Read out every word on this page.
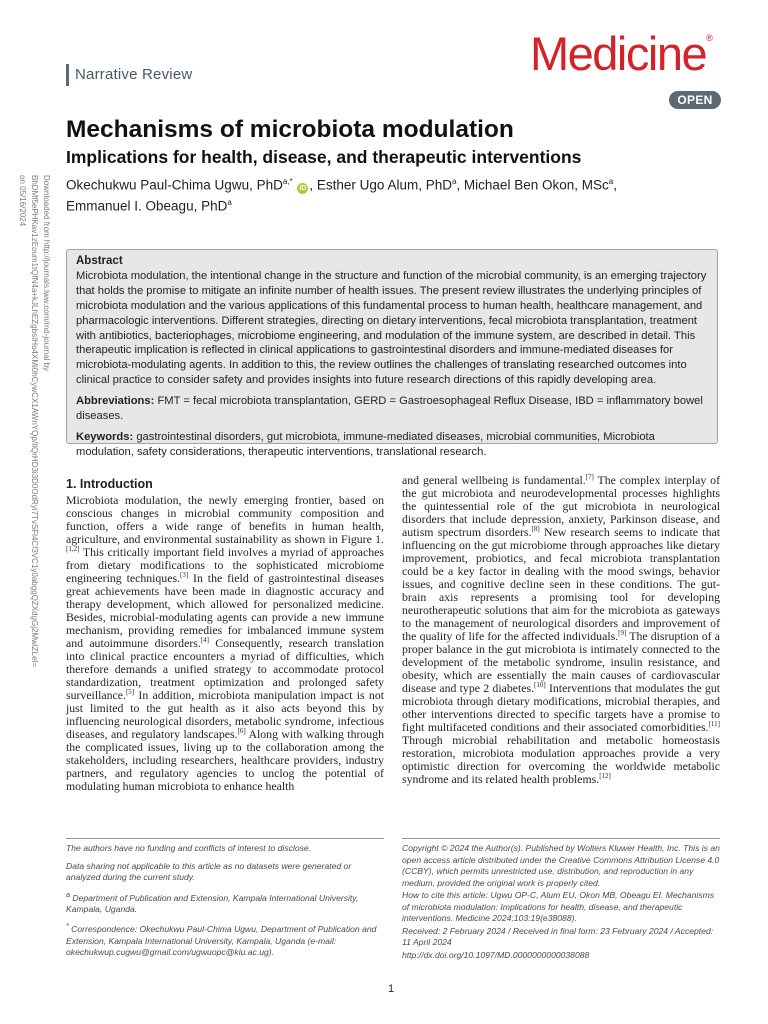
Narrative Review	Medicine®
OPEN
Mechanisms of microbiota modulation
Implications for health, disease, and therapeutic interventions
Okechukwu Paul-Chima Ugwu, PhD$^{a,*}$ iD , Esther Ugo Alum, PhD$^a$, Michael Ben Okon, MSc$^a$,
Emmanuel I. Obeagu, PhD$^a$
Downloaded from http://journals.lww.com/md-journal by BhDMf5ePHKav1zEoum1tQfN4a+kJLhEZgbsIHo4XMi0hCywCX1AWnYQp/IlQrHD3i3D0OdRyi7TvSFl4Cf3VC1y0abggQZXdgGj2MwlZLeI= on 05/16/2024

Abstract

Microbiota modulation, the intentional change in the structure and function of the microbial community, is an emerging trajectory that holds the promise to mitigate an infinite number of health issues. The present review illustrates the underlying principles of microbiota modulation and the various applications of this fundamental process to human health, healthcare management, and pharmacologic interventions. Different strategies, directing on dietary interventions, fecal microbiota transplantation, treatment with antibiotics, bacteriophages, microbiome engineering, and modulation of the immune system, are described in detail. This therapeutic implication is reflected in clinical applications to gastrointestinal disorders and immune-mediated diseases for microbiota-modulating agents. In addition to this, the review outlines the challenges of translating researched outcomes into clinical practice to consider safety and provides insights into future research directions of this rapidly developing area.

Abbreviations: FMT = fecal microbiota transplantation, GERD = Gastroesophageal Reflux Disease, IBD = inflammatory bowel diseases.

Keywords: gastrointestinal disorders, gut microbiota, immune-mediated diseases, microbial communities, Microbiota modulation, safety considerations, therapeutic interventions, translational research.

1. Introduction
Microbiota modulation, the newly emerging frontier, based on conscious changes in microbial community composition and function, offers a wide range of benefits in human health, agriculture, and environmental sustainability as shown in Figure 1.[1,2] This critically important field involves a myriad of approaches from dietary modifications to the sophisticated microbiome engineering techniques.[3] In the field of gastrointestinal diseases great achievements have been made in diagnostic accuracy and therapy development, which allowed for personalized medicine. Besides, microbial-modulating agents can provide a new immune mechanism, providing remedies for imbalanced immune system and autoimmune disorders.[4] Consequently, research translation into clinical practice encounters a myriad of difficulties, which therefore demands a unified strategy to accommodate protocol standardization, treatment optimization and prolonged safety surveillance.[5] In addition, microbiota manipulation impact is not just limited to the gut health as it also acts beyond this by influencing neurological disorders, metabolic syndrome, infectious diseases, and regulatory landscapes.[6] Along with walking through the complicated issues, living up to the collaboration among the stakeholders, including researchers, healthcare providers, industry partners, and regulatory agencies to unclog the potential of modulating human microbiota to enhance health
and general wellbeing is fundamental.[7] The complex interplay of the gut microbiota and neurodevelopmental processes highlights the quintessential role of the gut microbiota in neurological disorders that include depression, anxiety, Parkinson disease, and autism spectrum disorders.[8] New research seems to indicate that influencing on the gut microbiome through approaches like dietary improvement, probiotics, and fecal microbiota transplantation could be a key factor in dealing with the mood swings, behavior issues, and cognitive decline seen in these conditions. The gut-brain axis represents a promising tool for developing neurotherapeutic solutions that aim for the microbiota as gateways to the management of neurological disorders and improvement of the quality of life for the affected individuals.[9] The disruption of a proper balance in the gut microbiota is intimately connected to the development of the metabolic syndrome, insulin resistance, and obesity, which are essentially the main causes of cardiovascular disease and type 2 diabetes.[10] Interventions that modulates the gut microbiota through dietary modifications, microbial therapies, and other interventions directed to specific targets have a promise to fight multifaceted conditions and their associated comorbidities.[11] Through microbial rehabilitation and metabolic homeostasis restoration, microbiota modulation approaches provide a very optimistic direction for overcoming the worldwide metabolic syndrome and its related health problems.[12]

The authors have no funding and conflicts of interest to disclose.

Data sharing not applicable to this article as no datasets were generated or analyzed during the current study.

$^a$ Department of Publication and Extension, Kampala International University, Kampala, Uganda.

* Correspondence: Okechukwu Paul-Chima Ugwu, Department of Publication and Extension, Kampala International University, Kampala, Uganda (e-mail: okechukwup.cugwu@gmail.com/ugwuopc@kiu.ac.ug).

Copyright © 2024 the Author(s). Published by Wolters Kluwer Health, Inc. This is an open access article distributed under the Creative Commons Attribution License 4.0 (CCBY), which permits unrestricted use, distribution, and reproduction in any medium, provided the original work is properly cited.

How to cite this article: Ugwu OP-C, Alum EU, Okon MB, Obeagu EI. Mechanisms of microbiota modulation: Implications for health, disease, and therapeutic interventions. Medicine 2024;103:19(e38088).

Received: 2 February 2024 / Received in final form: 23 February 2024 / Accepted: 11 April 2024

http://dx.doi.org/10.1097/MD.0000000000038088

1
